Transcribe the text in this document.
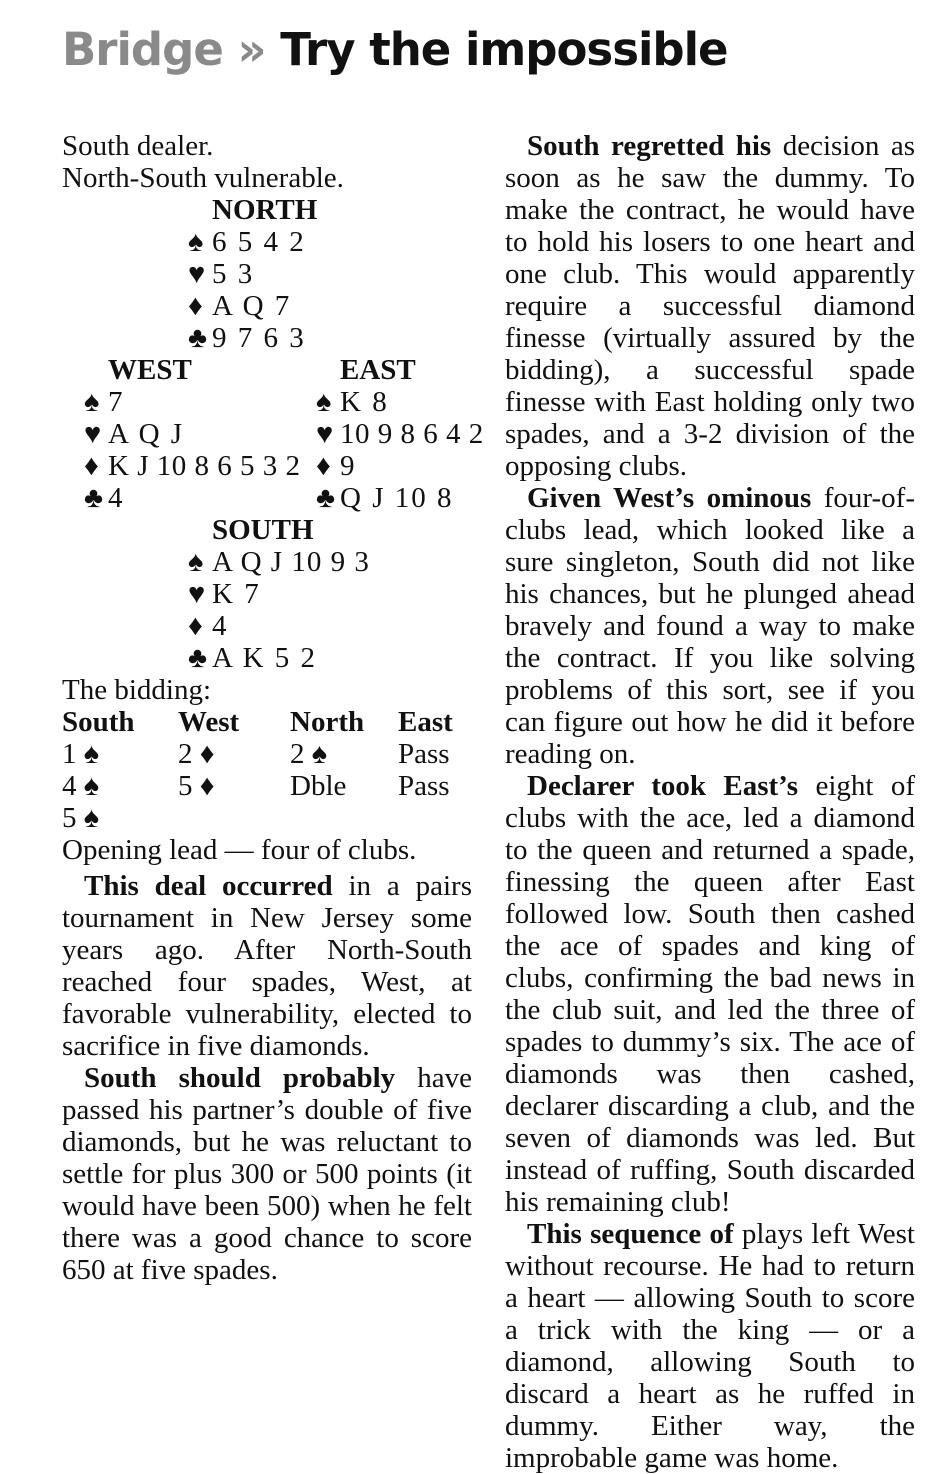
Bridge » Try the impossible
South dealer.
North-South vulnerable.
NORTH
♠ 6 5 4 2
♥ 5 3
♦ A Q 7
♣ 9 7 6 3
WEST
♠ 7
♥ A Q J
♦ K J 10 8 6 5 3 2
♣ 4
EAST
♠ K 8
♥ 10 9 8 6 4 2
♦ 9
♣ Q J 10 8
SOUTH
♠ A Q J 10 9 3
♥ K 7
♦ 4
♣ A K 5 2
The bidding:
South West North East
1 ♠	2 ♦	2 ♠ Pass
4 ♠	5 ♦	Dble Pass
5 ♠
Opening lead — four of clubs.

This deal occurred in a pairs tournament in New Jersey some years ago. After North-South reached four spades, West, at favorable vulnerability, elected to sacrifice in five diamonds.

South should probably have passed his partner’s double of five diamonds, but he was reluctant to settle for plus 300 or 500 points (it would have been 500) when he felt there was a good chance to score 650 at five spades.

South regretted his decision as soon as he saw the dummy. To make the contract, he would have to hold his losers to one heart and one club. This would apparently require a successful diamond finesse (virtually assured by the bidding), a successful spade finesse with East holding only two spades, and a 3-2 division of the opposing clubs.

Given West’s ominous four-of-clubs lead, which looked like a sure singleton, South did not like his chances, but he plunged ahead bravely and found a way to make the contract. If you like solving problems of this sort, see if you can figure out how he did it before reading on.

Declarer took East’s eight of clubs with the ace, led a diamond to the queen and returned a spade, finessing the queen after East followed low. South then cashed the ace of spades and king of clubs, confirming the bad news in the club suit, and led the three of spades to dummy’s six. The ace of diamonds was then cashed, declarer discarding a club, and the seven of diamonds was led. But instead of ruffing, South discarded his remaining club!

This sequence of plays left West without recourse. He had to return a heart — allowing South to score a trick with the king — or a diamond, allowing South to discard a heart as he ruffed in dummy. Either way, the improbable game was home.
